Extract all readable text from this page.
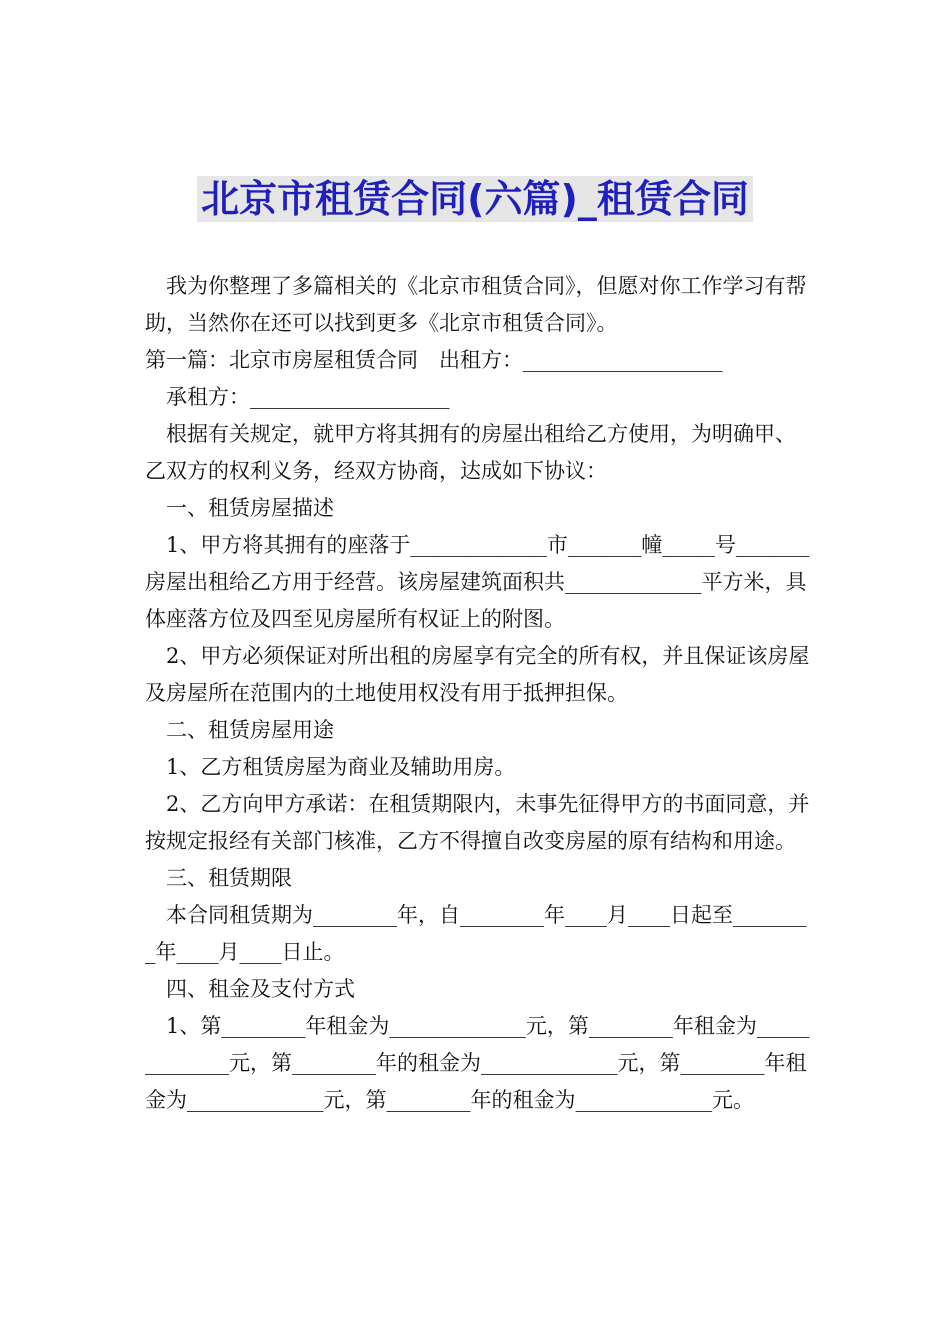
北京市租赁合同(六篇)_租赁合同

我为你整理了多篇相关的《北京市租赁合同》，但愿对你工作学习有帮助，当然你在还可以找到更多《北京市租赁合同》。

第一篇：北京市房屋租赁合同　出租方：___________________

承租方：___________________

根据有关规定，就甲方将其拥有的房屋出租给乙方使用，为明确甲、乙双方的权利义务，经双方协商，达成如下协议：

一、租赁房屋描述

1、甲方将其拥有的座落于_____________市_______幢_____号_______房屋出租给乙方用于经营。该房屋建筑面积共_____________平方米，具体座落方位及四至见房屋所有权证上的附图。

2、甲方必须保证对所出租的房屋享有完全的所有权，并且保证该房屋及房屋所在范围内的土地使用权没有用于抵押担保。

二、租赁房屋用途

1、乙方租赁房屋为商业及辅助用房。

2、乙方向甲方承诺：在租赁期限内，未事先征得甲方的书面同意，并按规定报经有关部门核准，乙方不得擅自改变房屋的原有结构和用途。

三、租赁期限

本合同租赁期为________年，自________年____月____日起至________年____月____日止。

四、租金及支付方式

1、第________年租金为_____________元，第________年租金为_____________元，第________年的租金为_____________元，第________年租金为_____________元，第________年的租金为_____________元。
